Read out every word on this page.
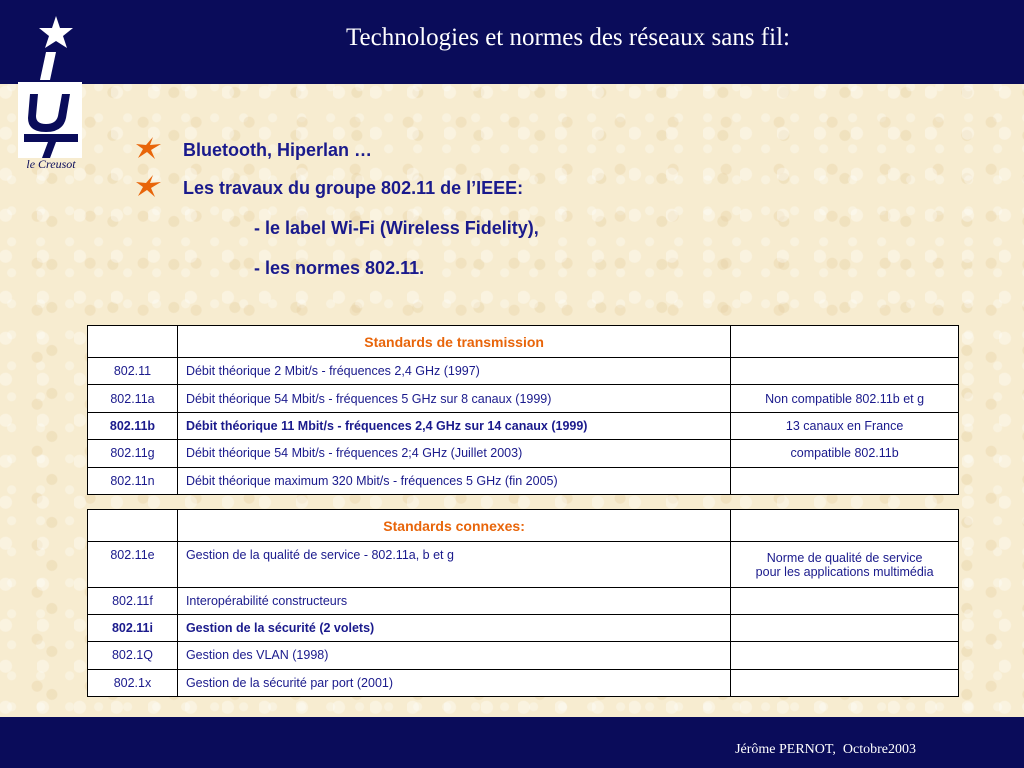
Technologies et normes des réseaux sans fil:
le Creusot
Bluetooth, Hiperlan …
Les travaux du groupe 802.11 de l’IEEE:
- le label Wi-Fi (Wireless Fidelity),
- les normes 802.11.
	Standards de transmission	
802.11	Débit théorique 2 Mbit/s - fréquences 2,4 GHz (1997)	
802.11a	Débit théorique 54 Mbit/s - fréquences 5 GHz sur 8 canaux (1999)	Non compatible 802.11b et g
802.11b	Débit théorique 11 Mbit/s - fréquences 2,4 GHz sur 14 canaux (1999)	13 canaux en France
802.11g	Débit théorique 54 Mbit/s - fréquences 2;4 GHz (Juillet 2003)	compatible 802.11b
802.11n	Débit théorique maximum 320 Mbit/s - fréquences 5 GHz (fin 2005)	
	Standards connexes:	
802.11e	Gestion de la qualité de service - 802.11a, b et g	Norme de qualité de service
pour les applications multimédia

802.11f	Interopérabilité constructeurs	
802.11i	Gestion de la sécurité (2 volets)	
802.1Q	Gestion des VLAN (1998)	
802.1x	Gestion de la sécurité par port (2001)	
Jérôme PERNOT,  Octobre2003
